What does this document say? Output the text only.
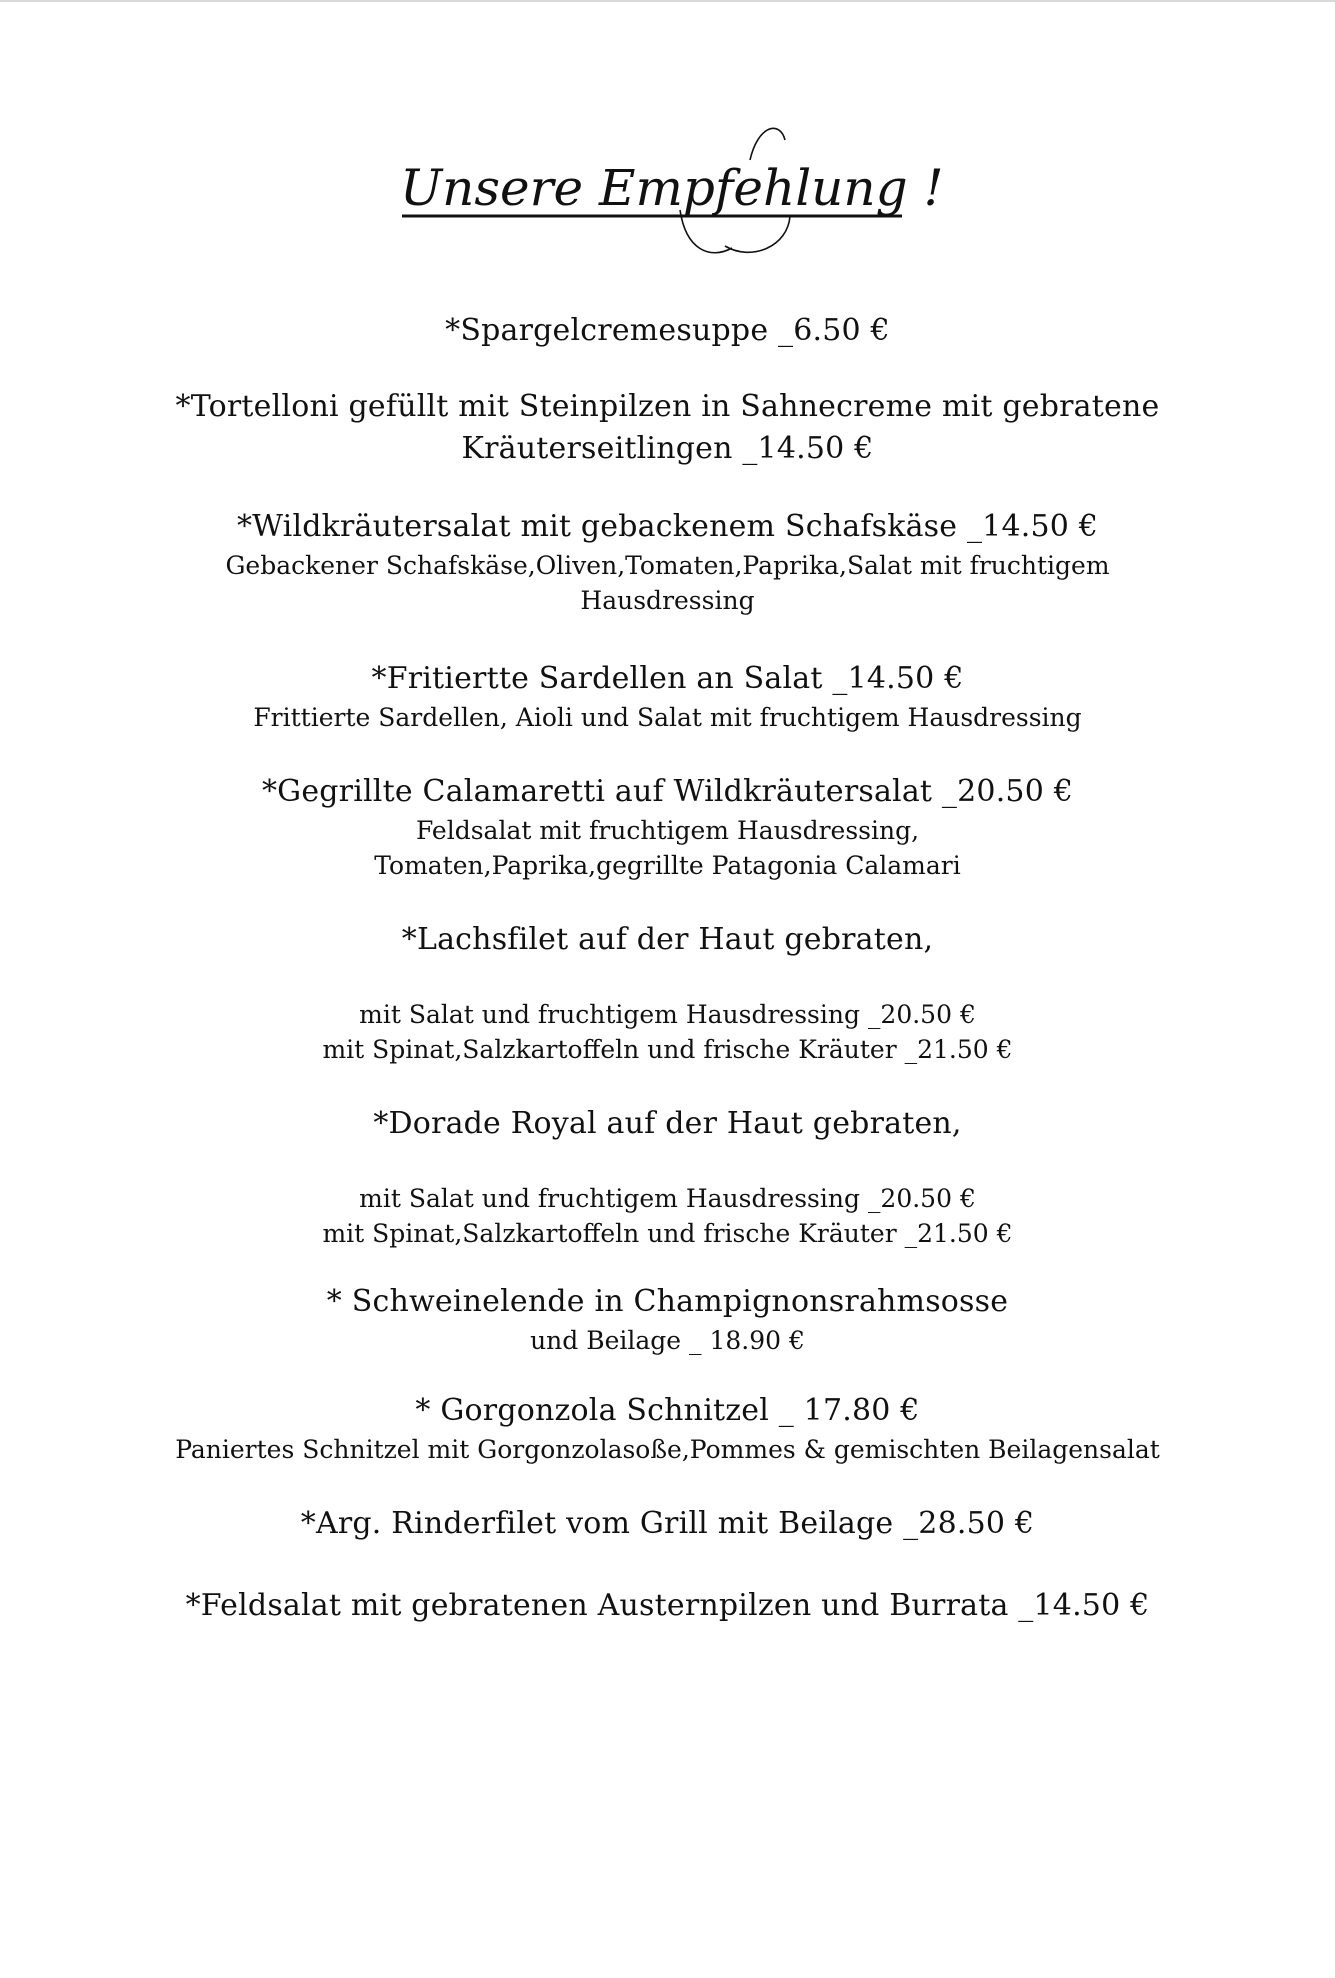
Unsere Empfehlung !
*Spargelcremesuppe _6.50 €
*Tortelloni gefüllt mit Steinpilzen in Sahnecreme mit gebratene Kräuterseitlingen _14.50 €
*Wildkräutersalat mit gebackenem Schafskäse _14.50 €
Gebackener Schafskäse,Oliven,Tomaten,Paprika,Salat mit fruchtigem
Hausdressing
*Fritiertte Sardellen an Salat _14.50 €
Frittierte Sardellen, Aioli und Salat mit fruchtigem Hausdressing
*Gegrillte Calamaretti auf Wildkräutersalat _20.50 €
Feldsalat mit fruchtigem Hausdressing,
Tomaten,Paprika,gegrillte Patagonia Calamari
*Lachsfilet auf der Haut gebraten,
mit Salat und fruchtigem Hausdressing _20.50 €
mit Spinat,Salzkartoffeln und frische Kräuter _21.50 €
*Dorade Royal auf der Haut gebraten,
mit Salat und fruchtigem Hausdressing _20.50 €
mit Spinat,Salzkartoffeln und frische Kräuter _21.50 €
* Schweinelende in Champignonsrahmsosse
und Beilage _ 18.90 €
* Gorgonzola Schnitzel _ 17.80 €
Paniertes Schnitzel mit Gorgonzolasoße,Pommes & gemischten Beilagensalat
*Arg. Rinderfilet vom Grill mit Beilage _28.50 €
*Feldsalat mit gebratenen Austernpilzen und Burrata _14.50 €
